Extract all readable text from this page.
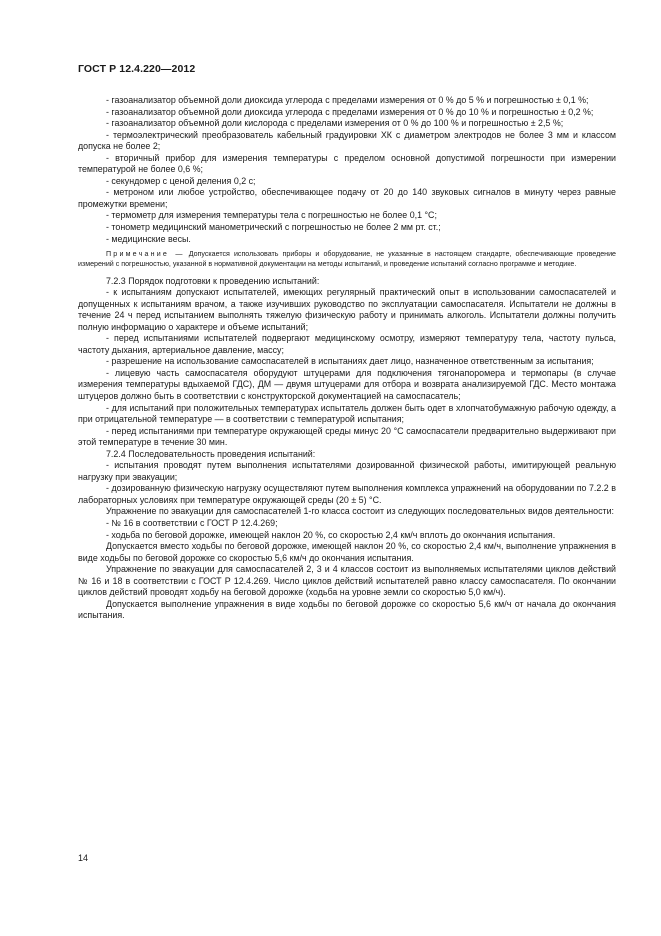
ГОСТ Р 12.4.220—2012

- газоанализатор объемной доли диоксида углерода с пределами измерения от 0 % до 5 % и погрешностью ± 0,1 %;

- газоанализатор объемной доли диоксида углерода с пределами измерения от 0 % до 10 % и погрешностью ± 0,2 %;

- газоанализатор объемной доли кислорода с пределами измерения от 0 % до 100 % и погрешностью ± 2,5 %;

- термоэлектрический преобразователь кабельный градуировки ХК с диаметром электродов не более 3 мм и классом допуска не более 2;

- вторичный прибор для измерения температуры с пределом основной допустимой погрешности при измерении температурой не более 0,6 %;

- секундомер с ценой деления 0,2 с;

- метроном или любое устройство, обеспечивающее подачу от 20 до 140 звуковых сигналов в минуту через равные промежутки времени;

- термометр для измерения температуры тела с погрешностью не более 0,1 °С;

- тонометр медицинский манометрический с погрешностью не более 2 мм рт. ст.;

- медицинские весы.

Примечание — Допускается использовать приборы и оборудование, не указанные в настоящем стандарте, обеспечивающие проведение измерений с погрешностью, указанной в нормативной документации на методы испытаний, и проведение испытаний согласно программе и методике.

7.2.3 Порядок подготовки к проведению испытаний:

- к испытаниям допускают испытателей, имеющих регулярный практический опыт в использовании самоспасателей и допущенных к испытаниям врачом, а также изучивших руководство по эксплуатации самоспасателя. Испытатели не должны в течение 24 ч перед испытанием выполнять тяжелую физическую работу и принимать алкоголь. Испытатели должны получить полную информацию о характере и объеме испытаний;

- перед испытаниями испытателей подвергают медицинскому осмотру, измеряют температуру тела, частоту пульса, частоту дыхания, артериальное давление, массу;

- разрешение на использование самоспасателей в испытаниях дает лицо, назначенное ответственным за испытания;

- лицевую часть самоспасателя оборудуют штуцерами для подключения тягонапоромера и термопары (в случае измерения температуры вдыхаемой ГДС), ДМ — двумя штуцерами для отбора и возврата анализируемой ГДС. Место монтажа штуцеров должно быть в соответствии с конструкторской документацией на самоспасатель;

- для испытаний при положительных температурах испытатель должен быть одет в хлопчатобумажную рабочую одежду, а при отрицательной температуре — в соответствии с температурой испытания;

- перед испытаниями при температуре окружающей среды минус 20 °С самоспасатели предварительно выдерживают при этой температуре в течение 30 мин.

7.2.4 Последовательность проведения испытаний:

- испытания проводят путем выполнения испытателями дозированной физической работы, имитирующей реальную нагрузку при эвакуации;

- дозированную физическую нагрузку осуществляют путем выполнения комплекса упражнений на оборудовании по 7.2.2 в лабораторных условиях при температуре окружающей среды (20 ± 5) °С.

Упражнение по эвакуации для самоспасателей 1-го класса состоит из следующих последовательных видов деятельности:

- № 16 в соответствии с ГОСТ Р 12.4.269;

- ходьба по беговой дорожке, имеющей наклон 20 %, со скоростью 2,4 км/ч вплоть до окончания испытания.

Допускается вместо ходьбы по беговой дорожке, имеющей наклон 20 %, со скоростью 2,4 км/ч, выполнение упражнения в виде ходьбы по беговой дорожке со скоростью 5,6 км/ч до окончания испытания.

Упражнение по эвакуации для самоспасателей 2, 3 и 4 классов состоит из выполняемых испытателями циклов действий № 16 и 18 в соответствии с ГОСТ Р 12.4.269. Число циклов действий испытателей равно классу самоспасателя. По окончании циклов действий проводят ходьбу на беговой дорожке (ходьба на уровне земли со скоростью 5,0 км/ч).

Допускается выполнение упражнения в виде ходьбы по беговой дорожке со скоростью 5,6 км/ч от начала до окончания испытания.

14
